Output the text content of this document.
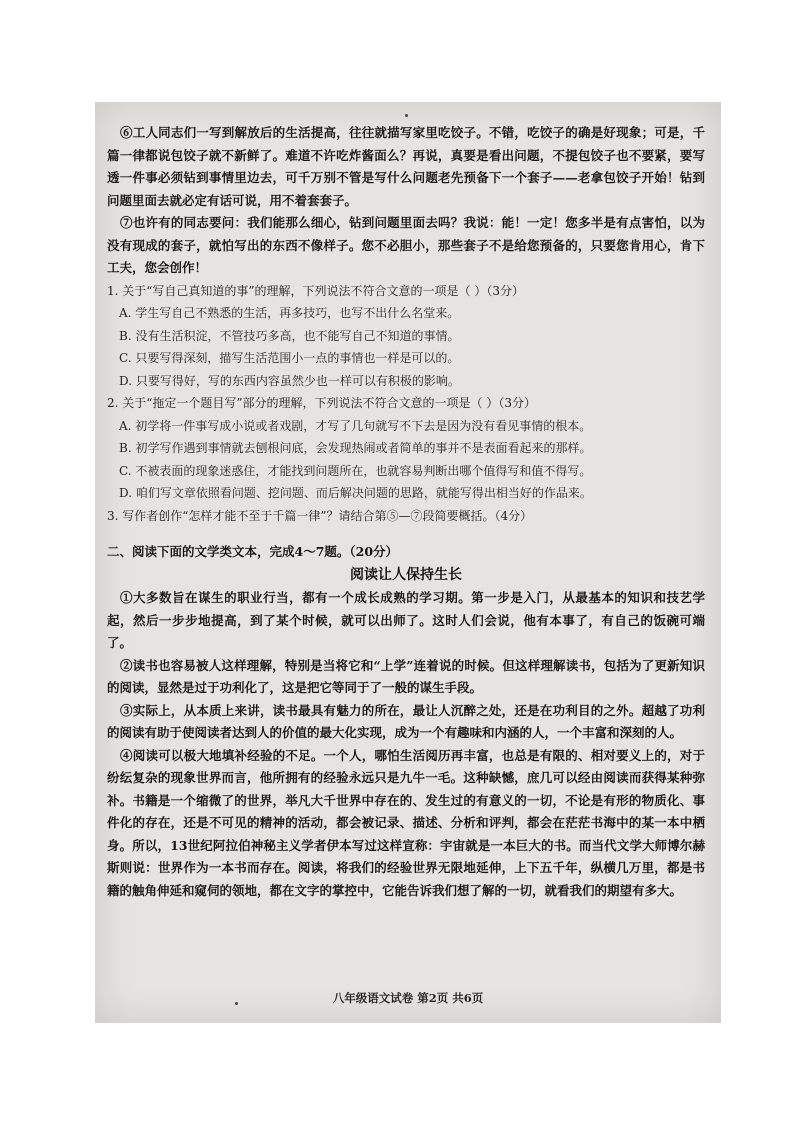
⑥工人同志们一写到解放后的生活提高，往往就描写家里吃饺子。不错，吃饺子的确是好现象；可是，千篇一律都说包饺子就不新鲜了。难道不许吃炸酱面么？再说，真要是看出问题，不提包饺子也不要紧，要写透一件事必须钻到事情里边去，可千万别不管是写什么问题老先预备下一个套子——老拿包饺子开始！钻到问题里面去就必定有话可说，用不着套套子。

⑦也许有的同志要问：我们能那么细心，钻到问题里面去吗？我说：能！一定！您多半是有点害怕，以为没有现成的套子，就怕写出的东西不像样子。您不必胆小，那些套子不是给您预备的，只要您肯用心，肯下工夫，您会创作！

1. 关于“写自己真知道的事”的理解，下列说法不符合文意的一项是（ ）（3分）

A. 学生写自己不熟悉的生活，再多技巧，也写不出什么名堂来。

B. 没有生活积淀，不管技巧多高，也不能写自己不知道的事情。

C. 只要写得深刻，描写生活范围小一点的事情也一样是可以的。

D. 只要写得好，写的东西内容虽然少也一样可以有积极的影响。

2. 关于“拖定一个题目写”部分的理解，下列说法不符合文意的一项是（ ）（3分）

A. 初学将一件事写成小说或者戏剧，才写了几句就写不下去是因为没有看见事情的根本。

B. 初学写作遇到事情就去刨根问底，会发现热闹或者简单的事并不是表面看起来的那样。

C. 不被表面的现象迷惑住，才能找到问题所在，也就容易判断出哪个值得写和值不得写。

D. 咱们写文章依照看问题、挖问题、而后解决问题的思路，就能写得出相当好的作品来。

3. 写作者创作“怎样才能不至于千篇一律”？请结合第⑤—⑦段简要概括。（4分）

二、阅读下面的文学类文本，完成4～7题。（20分）

阅读让人保持生长

①大多数旨在谋生的职业行当，都有一个成长成熟的学习期。第一步是入门，从最基本的知识和技艺学起，然后一步步地提高，到了某个时候，就可以出师了。这时人们会说，他有本事了，有自己的饭碗可端了。

②读书也容易被人这样理解，特别是当将它和“上学”连着说的时候。但这样理解读书，包括为了更新知识的阅读，显然是过于功利化了，这是把它等同于了一般的谋生手段。

③实际上，从本质上来讲，读书最具有魅力的所在，最让人沉醉之处，还是在功利目的之外。超越了功利的阅读有助于使阅读者达到人的价值的最大化实现，成为一个有趣味和内涵的人，一个丰富和深刻的人。

④阅读可以极大地填补经验的不足。一个人，哪怕生活阅历再丰富，也总是有限的、相对要义上的，对于纷纭复杂的现象世界而言，他所拥有的经验永远只是九牛一毛。这种缺憾，庶几可以经由阅读而获得某种弥补。书籍是一个缩微了的世界，举凡大千世界中存在的、发生过的有意义的一切，不论是有形的物质化、事件化的存在，还是不可见的精神的活动，都会被记录、描述、分析和评判，都会在茫茫书海中的某一本中栖身。所以，13世纪阿拉伯神秘主义学者伊本写过这样宣称：宇宙就是一本巨大的书。而当代文学大师博尔赫斯则说：世界作为一本书而存在。阅读，将我们的经验世界无限地延伸，上下五千年，纵横几万里，都是书籍的触角伸延和窥伺的领地，都在文字的掌控中，它能告诉我们想了解的一切，就看我们的期望有多大。

八年级语文试卷 第2页 共6页
